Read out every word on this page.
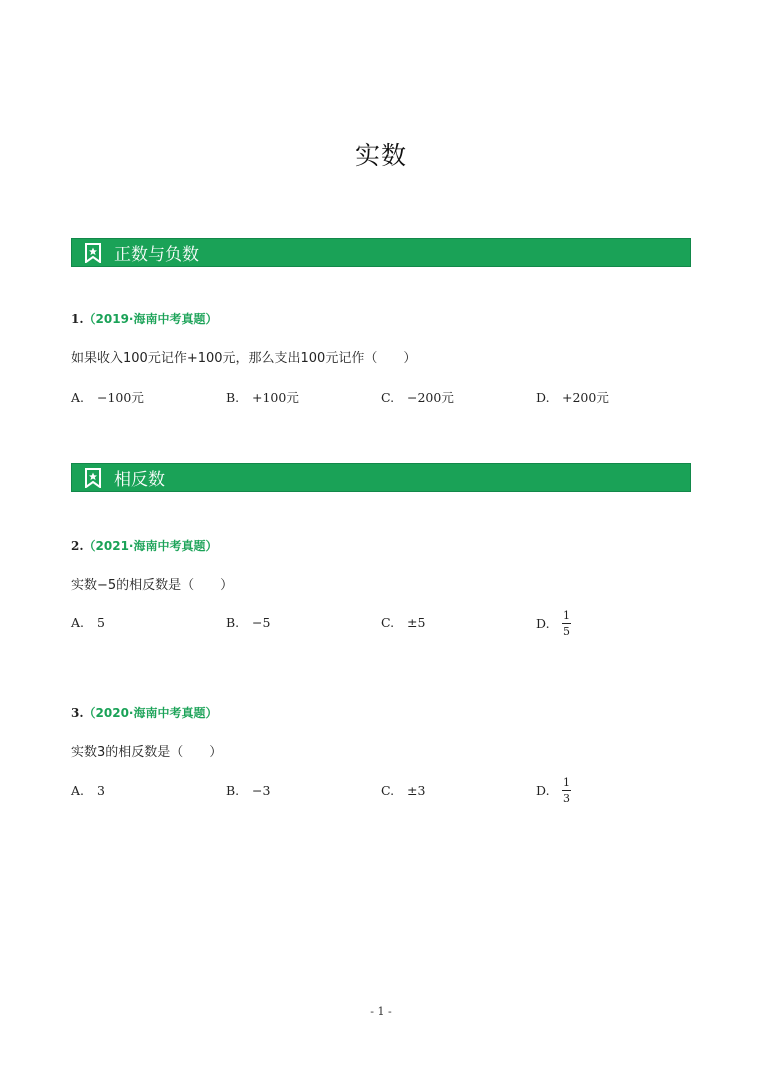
实数
正数与负数
1.（2019·海南中考真题）
如果收入100元记作+100元，那么支出100元记作（　　）
A.	−100元	B.	+100元	C.	−200元	D. +200元
相反数
2.（2021·海南中考真题）
实数−5的相反数是（　　）
A.	5	B.	−5	C.	±5	D.	$\frac{1}{5}$
3.（2020·海南中考真题）
实数3的相反数是（　　）
A.	3	B.	−3	C.	±3	D.	$\frac{1}{3}$
- 1 -
